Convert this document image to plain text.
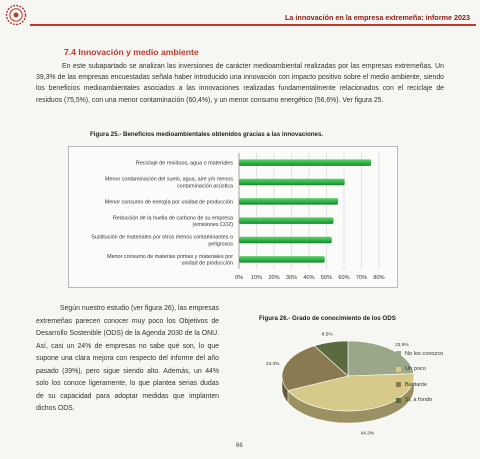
La innovación en la empresa extremeña: informe 2023
7.4 Innovación y medio ambiente

En este subapartado se analizan las inversiones de carácter medioambiental realizadas por las empresas extremeñas. Un 39,3% de las empresas encuestadas señala haber introducido una innovación con impacto positivo sobre el medio ambiente, siendo los beneficios medioambientales asociados a las innovaciones realizadas fundamentalmente relacionados con el reciclaje de residuos (75,5%), con una menor contaminación (60,4%), y un menor consumo energético (56,6%). Ver figura 25.

Figura 25.- Beneficios medioambientales obtenidos gracias a las innovaciones.
0% 10% 20% 30% 40% 50% 60% 70% 80%
Reciclaje de residuos, agua o materiales
Menor contaminación del suelo, agua, aire y/o menos
contaminación acústica
Menor consumo de energía por unidad de producción
Reducción de la huella de carbono de su empresa
(emisiones CO2)
Sustitución de materiales por otros menos contaminantes o
peligrosos
Menor consumo de materias primas y materiales por
unidad de producción

Según nuestro estudio (ver figura 26), las empresas extremeñas parecen conocer muy poco los Objetivos de Desarrollo Sostenible (ODS) de la Agenda 2030 de la ONU. Así, casi un 24% de empresas no sabe qué son, lo que supone una clara mejora con respecto del informe del año pasado (39%), pero sigue siendo alto. Además, un 44% solo los conoce ligeramente, lo que plantea serias dudas de su capacidad para adoptar medidas que implanten dichos ODS.

Figura 26.- Grado de conocimiento de los ODS
23.9%
44.3%
23.3%
8.5%
No los conozco
Un poco
Bastante
Sí, a fondo
66
